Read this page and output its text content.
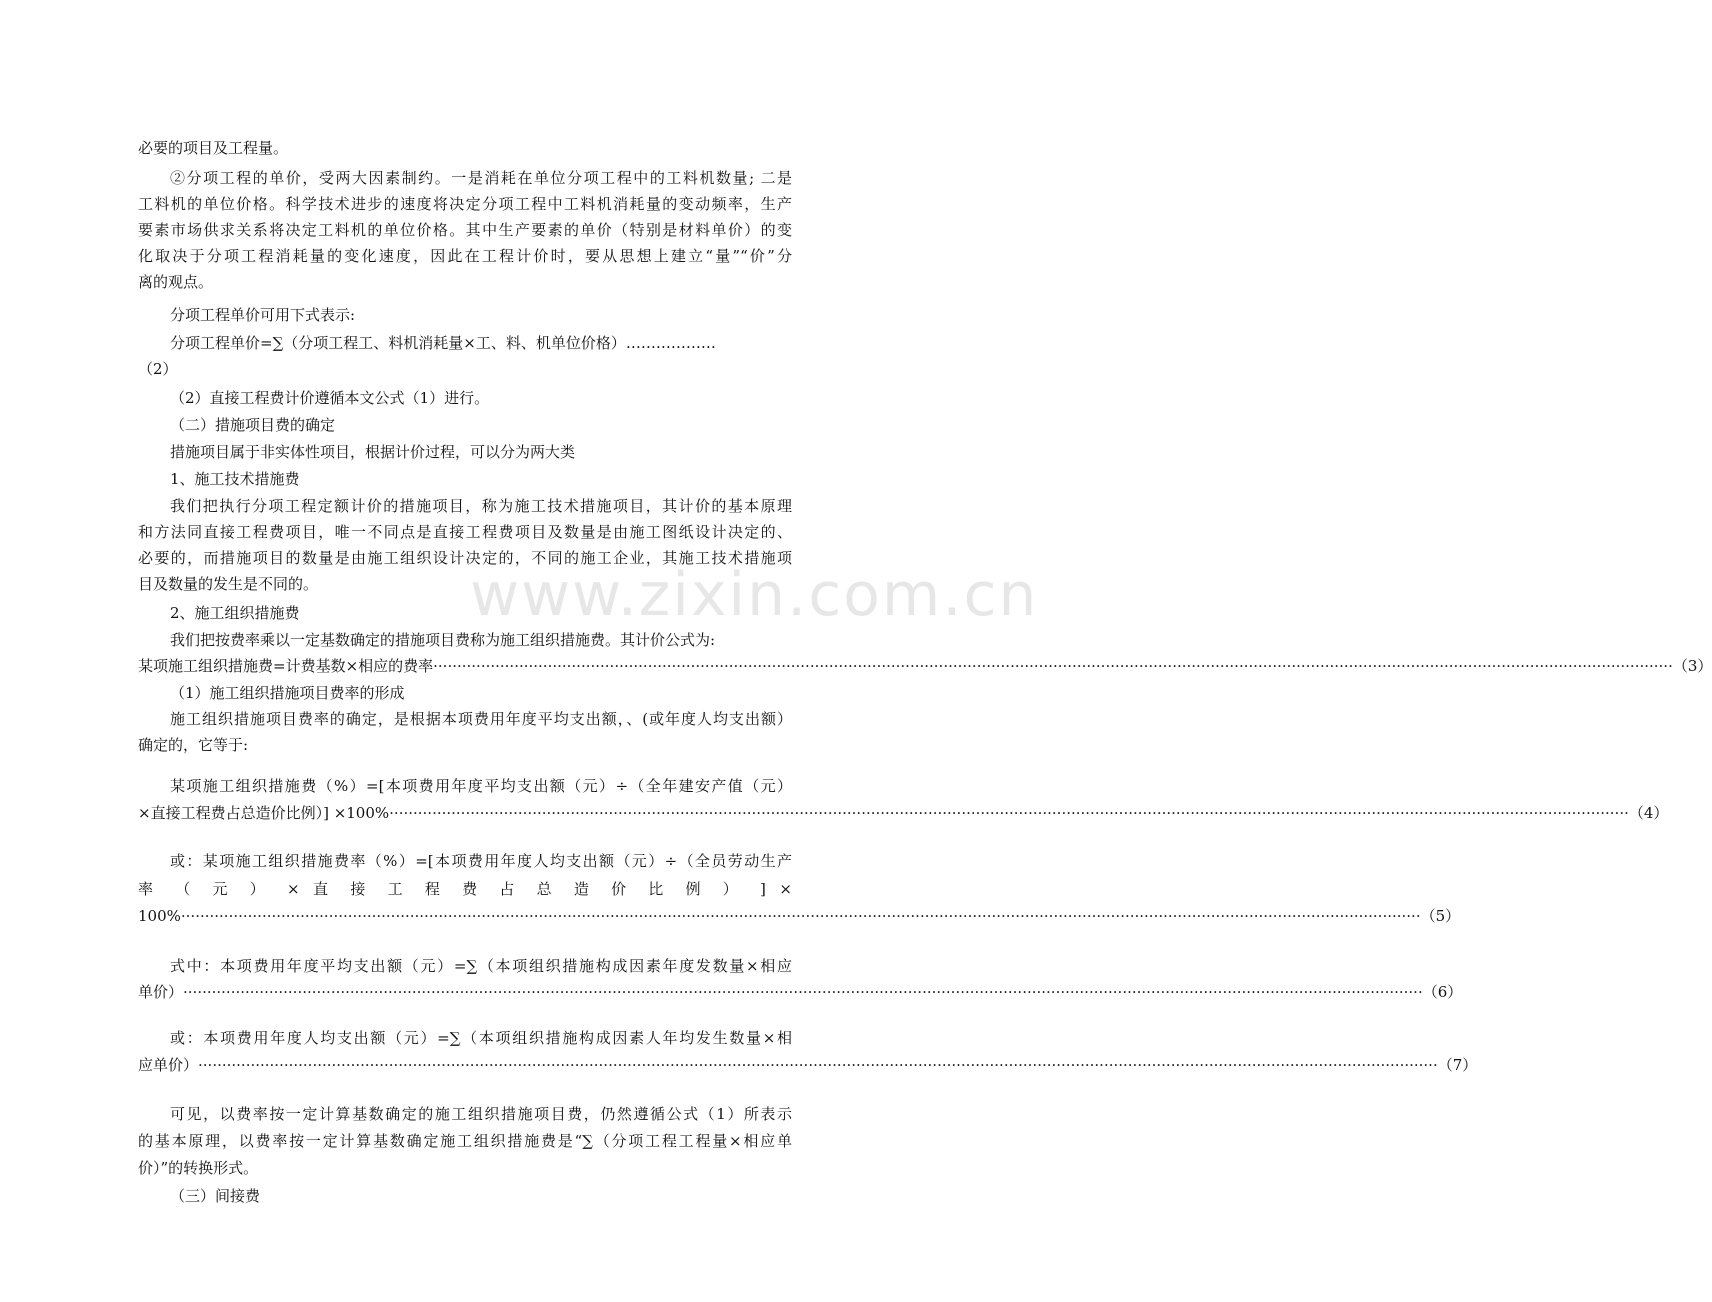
www.zixin.com.cn
必要的项目及工程量。
②分项工程的单价，受两大因素制约。一是消耗在单位分项工程中的工料机数量; 二是
工料机的单位价格。科学技术进步的速度将决定分项工程中工料机消耗量的变动频率，生产
要素市场供求关系将决定工料机的单位价格。其中生产要素的单价（特别是材料单价）的变
化取决于分项工程消耗量的变化速度，因此在工程计价时，要从思想上建立“量”“价”分
离的观点。
分项工程单价可用下式表示:
分项工程单价=∑（分项工程工、料机消耗量×工、料、机单位价格）………………
（2）
（2）直接工程费计价遵循本文公式（1）进行。
（二）措施项目费的确定
措施项目属于非实体性项目，根据计价过程，可以分为两大类
1、施工技术措施费
我们把执行分项工程定额计价的措施项目，称为施工技术措施项目，其计价的基本原理
和方法同直接工程费项目，唯一不同点是直接工程费项目及数量是由施工图纸设计决定的、
必要的，而措施项目的数量是由施工组织设计决定的，不同的施工企业，其施工技术措施项
目及数量的发生是不同的。
2、施工组织措施费
我们把按费率乘以一定基数确定的措施项目费称为施工组织措施费。其计价公式为:
某项施工组织措施费=计费基数×相应的费率 ·····	（3）
（1）施工组织措施项目费率的形成
施工组织措施项目费率的确定，是根据本项费用年度平均支出额，、(或年度人均支出额）
确定的，它等于:
某项施工组织措施费（%）=[本项费用年度平均支出额（元）÷（全年建安产值（元）
×直接工程费占总造价比例）] ×100% ·····	（4）
或：某项施工组织措施费率（%）=[本项费用年度人均支出额（元）÷（全员劳动生产
率 （ 元 ） × 直 接 工 程 费 占 总 造 价 比 例 ） ] ×
100% ·····	（5）
式中：本项费用年度平均支出额（元）=∑（本项组织措施构成因素年度发数量×相应
单价） ·····	（6）
或：本项费用年度人均支出额（元）=∑（本项组织措施构成因素人年均发生数量×相
应单价） ·····	（7）
可见，以费率按一定计算基数确定的施工组织措施项目费，仍然遵循公式（1）所表示
的基本原理，以费率按一定计算基数确定施工组织措施费是“∑（分项工程工程量×相应单
价）”的转换形式。
（三）间接费
